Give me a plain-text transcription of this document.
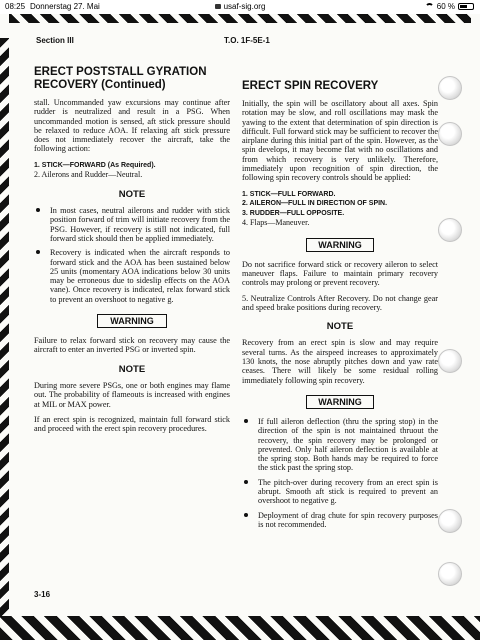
08:25 Donnerstag 27. Mai	usaf-sig.org	60 %
Section III	T.O. 1F-5E-1
ERECT POSTSTALL GYRATION
RECOVERY (Continued)

stall. Uncommanded yaw excursions may continue after rudder is neutralized and result in a PSG. When uncommanded motion is sensed, aft stick pressure should be relaxed to reduce AOA. If relaxing aft stick pressure does not immediately recover the aircraft, take the following action:

1. STICK—FORWARD (As Required).
2. Ailerons and Rudder—Neutral.
NOTE
In most cases, neutral ailerons and rudder with stick position forward of trim will initiate recovery from the PSG. However, if recovery is still not indicated, full forward stick should then be applied immediately.
Recovery is indicated when the aircraft responds to forward stick and the AOA has been sustained below 25 units (momentary AOA indications below 30 units may be erroneous due to sideslip effects on the AOA vane). Once recovery is indicated, relax forward stick to prevent an overshoot to negative g.
WARNING

Failure to relax forward stick on recovery may cause the aircraft to enter an inverted PSG or inverted spin.

NOTE

During more severe PSGs, one or both engines may flame out. The probability of flameouts is increased with engines at MIL or MAX power.

If an erect spin is recognized, maintain full forward stick and proceed with the erect spin recovery procedures.

ERECT SPIN RECOVERY

Initially, the spin will be oscillatory about all axes. Spin rotation may be slow, and roll oscillations may mask the yawing to the extent that determination of spin direction is difficult. Full forward stick may be sufficient to recover the airplane during this initial part of the spin. However, as the spin develops, it may become flat with no oscillations and from which recovery is very unlikely. Therefore, immediately upon recognition of spin direction, the following spin recovery controls should be applied:

1. STICK—FULL FORWARD.
2. AILERON—FULL IN DIRECTION OF SPIN.
3. RUDDER—FULL OPPOSITE.
4. Flaps—Maneuver.
WARNING

Do not sacrifice forward stick or recovery aileron to select maneuver flaps. Failure to maintain primary recovery controls may prolong or prevent recovery.

5. Neutralize Controls After Recovery. Do not change gear and speed brake positions during recovery.

NOTE

Recovery from an erect spin is slow and may require several turns. As the airspeed increases to approximately 130 knots, the nose abruptly pitches down and yaw rate ceases. There will likely be some residual rolling immediately following spin recovery.

WARNING
If full aileron deflection (thru the spring stop) in the direction of the spin is not maintained thruout the recovery, the spin recovery may be prolonged or prevented. Only half aileron deflection is available at the spring stop. Both hands may be required to force the stick past the spring stop.
The pitch-over during recovery from an erect spin is abrupt. Smooth aft stick is required to prevent an overshoot to negative g.
Deployment of drag chute for spin recovery purposes is not recommended.
3-16
